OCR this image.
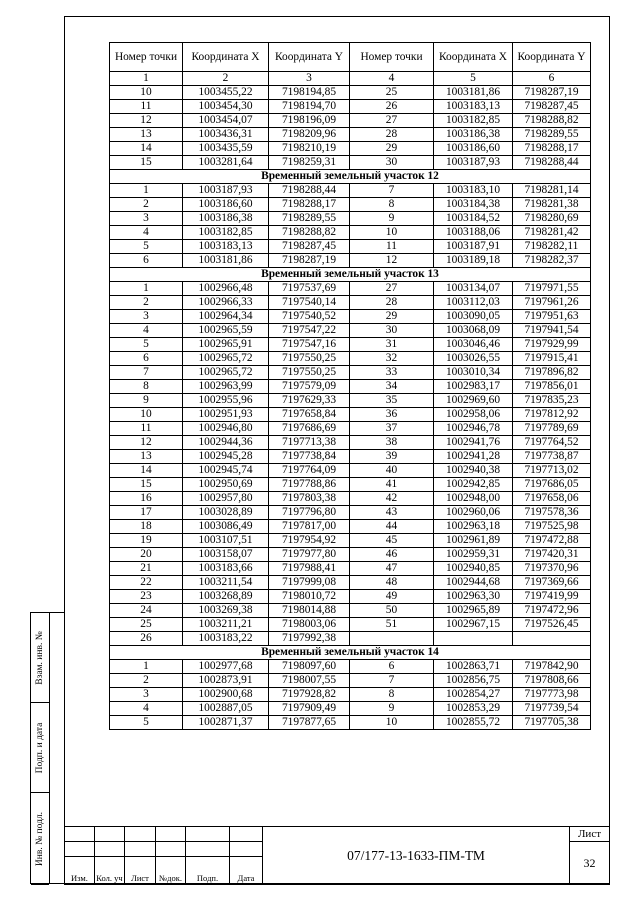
Взам. инв. №
Подп. и дата
Инв. № подл.
Номер точки	Координата X	Координата Y	Номер точки	Координата X	Координата Y
1	2	3	4	5	6
10	1003455,22	7198194,85	25	1003181,86	7198287,19
11	1003454,30	7198194,70	26	1003183,13	7198287,45
12	1003454,07	7198196,09	27	1003182,85	7198288,82
13	1003436,31	7198209,96	28	1003186,38	7198289,55
14	1003435,59	7198210,19	29	1003186,60	7198288,17
15	1003281,64	7198259,31	30	1003187,93	7198288,44
Временный земельный участок 12					
1	1003187,93	7198288,44	7	1003183,10	7198281,14
2	1003186,60	7198288,17	8	1003184,38	7198281,38
3	1003186,38	7198289,55	9	1003184,52	7198280,69
4	1003182,85	7198288,82	10	1003188,06	7198281,42
5	1003183,13	7198287,45	11	1003187,91	7198282,11
6	1003181,86	7198287,19	12	1003189,18	7198282,37
Временный земельный участок 13					
1	1002966,48	7197537,69	27	1003134,07	7197971,55
2	1002966,33	7197540,14	28	1003112,03	7197961,26
3	1002964,34	7197540,52	29	1003090,05	7197951,63
4	1002965,59	7197547,22	30	1003068,09	7197941,54
5	1002965,91	7197547,16	31	1003046,46	7197929,99
6	1002965,72	7197550,25	32	1003026,55	7197915,41
7	1002965,72	7197550,25	33	1003010,34	7197896,82
8	1002963,99	7197579,09	34	1002983,17	7197856,01
9	1002955,96	7197629,33	35	1002969,60	7197835,23
10	1002951,93	7197658,84	36	1002958,06	7197812,92
11	1002946,80	7197686,69	37	1002946,78	7197789,69
12	1002944,36	7197713,38	38	1002941,76	7197764,52
13	1002945,28	7197738,84	39	1002941,28	7197738,87
14	1002945,74	7197764,09	40	1002940,38	7197713,02
15	1002950,69	7197788,86	41	1002942,85	7197686,05
16	1002957,80	7197803,38	42	1002948,00	7197658,06
17	1003028,89	7197796,80	43	1002960,06	7197578,36
18	1003086,49	7197817,00	44	1002963,18	7197525,98
19	1003107,51	7197954,92	45	1002961,89	7197472,88
20	1003158,07	7197977,80	46	1002959,31	7197420,31
21	1003183,66	7197988,41	47	1002940,85	7197370,96
22	1003211,54	7197999,08	48	1002944,68	7197369,66
23	1003268,89	7198010,72	49	1002963,30	7197419,99
24	1003269,38	7198014,88	50	1002965,89	7197472,96
25	1003211,21	7198003,06	51	1002967,15	7197526,45
26	1003183,22	7197992,38			
Временный земельный участок 14					
1	1002977,68	7198097,60	6	1002863,71	7197842,90
2	1002873,91	7198007,55	7	1002856,75	7197808,66
3	1002900,68	7197928,82	8	1002854,27	7197773,98
4	1002887,05	7197909,49	9	1002853,29	7197739,54
5	1002871,37	7197877,65	10	1002855,72	7197705,38
						07/177-13-1633-ПМ-ТМ	Лист
							32
Изм.	Кол. уч	Лист	№док.	Подп.	Дата		
